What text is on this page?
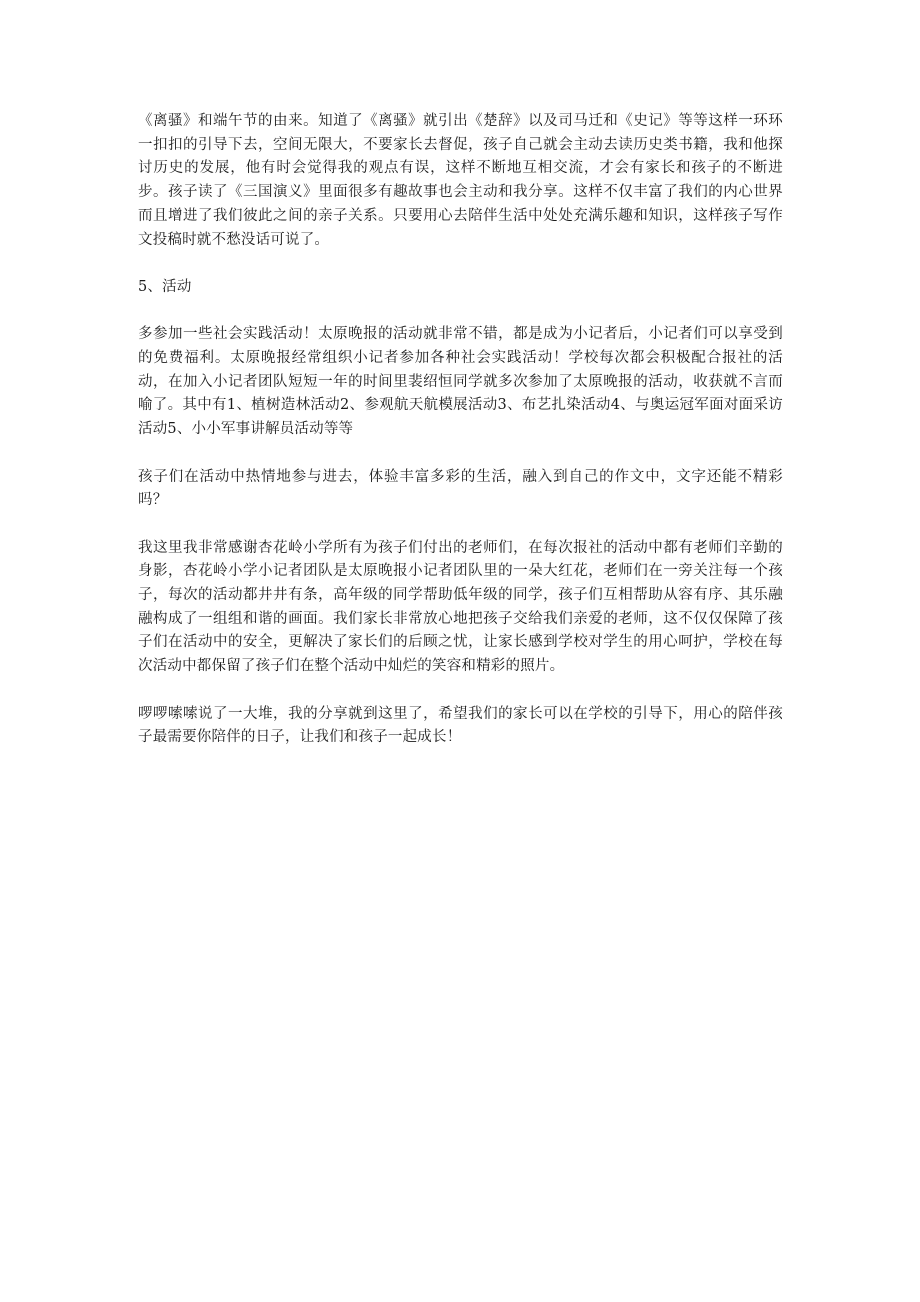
《离骚》和端午节的由来。知道了《离骚》就引出《楚辞》以及司马迁和《史记》等等这样一环环一扣扣的引导下去，空间无限大，不要家长去督促，孩子自己就会主动去读历史类书籍，我和他探讨历史的发展，他有时会觉得我的观点有误，这样不断地互相交流，才会有家长和孩子的不断进步。孩子读了《三国演义》里面很多有趣故事也会主动和我分享。这样不仅丰富了我们的内心世界而且增进了我们彼此之间的亲子关系。只要用心去陪伴生活中处处充满乐趣和知识，这样孩子写作文投稿时就不愁没话可说了。

5、活动

多参加一些社会实践活动！太原晚报的活动就非常不错，都是成为小记者后，小记者们可以享受到的免费福利。太原晚报经常组织小记者参加各种社会实践活动！学校每次都会积极配合报社的活动，在加入小记者团队短短一年的时间里裴绍恒同学就多次参加了太原晚报的活动，收获就不言而喻了。其中有1、植树造林活动2、参观航天航模展活动3、布艺扎染活动4、与奥运冠军面对面采访活动5、小小军事讲解员活动等等

孩子们在活动中热情地参与进去，体验丰富多彩的生活，融入到自己的作文中，文字还能不精彩吗？

我这里我非常感谢杏花岭小学所有为孩子们付出的老师们，在每次报社的活动中都有老师们辛勤的身影，杏花岭小学小记者团队是太原晚报小记者团队里的一朵大红花，老师们在一旁关注每一个孩子，每次的活动都井井有条，高年级的同学帮助低年级的同学，孩子们互相帮助从容有序、其乐融融构成了一组组和谐的画面。我们家长非常放心地把孩子交给我们亲爱的老师，这不仅仅保障了孩子们在活动中的安全，更解决了家长们的后顾之忧，让家长感到学校对学生的用心呵护，学校在每次活动中都保留了孩子们在整个活动中灿烂的笑容和精彩的照片。

啰啰嗦嗦说了一大堆，我的分享就到这里了，希望我们的家长可以在学校的引导下，用心的陪伴孩子最需要你陪伴的日子，让我们和孩子一起成长！
